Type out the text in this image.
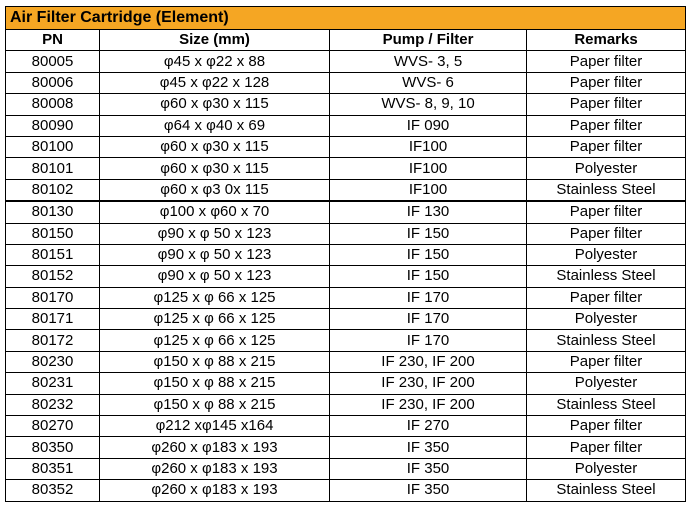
Air Filter Cartridge (Element)			
PN	Size (mm)	Pump / Filter	Remarks
80005	φ45 x φ22 x 88	WVS- 3, 5	Paper filter
80006	φ45 x φ22 x 128	WVS- 6	Paper filter
80008	φ60 x φ30 x 115	WVS- 8, 9, 10	Paper filter
80090	φ64 x φ40 x 69	IF 090	Paper filter
80100	φ60 x φ30 x 115	IF100	Paper filter
80101	φ60 x φ30 x 115	IF100	Polyester
80102	φ60 x φ3 0x 115	IF100	Stainless Steel
80130	φ100 x φ60 x 70	IF 130	Paper filter
80150	φ90 x φ 50 x 123	IF 150	Paper filter
80151	φ90 x φ 50 x 123	IF 150	Polyester
80152	φ90 x φ 50 x 123	IF 150	Stainless Steel
80170	φ125 x φ 66 x 125	IF 170	Paper filter
80171	φ125 x φ 66 x 125	IF 170	Polyester
80172	φ125 x φ 66 x 125	IF 170	Stainless Steel
80230	φ150 x φ 88 x 215	IF 230, IF 200	Paper filter
80231	φ150 x φ 88 x 215	IF 230, IF 200	Polyester
80232	φ150 x φ 88 x 215	IF 230, IF 200	Stainless Steel
80270	φ212 xφ145 x164	IF 270	Paper filter
80350	φ260 x φ183 x 193	IF 350	Paper filter
80351	φ260 x φ183 x 193	IF 350	Polyester
80352	φ260 x φ183 x 193	IF 350	Stainless Steel
